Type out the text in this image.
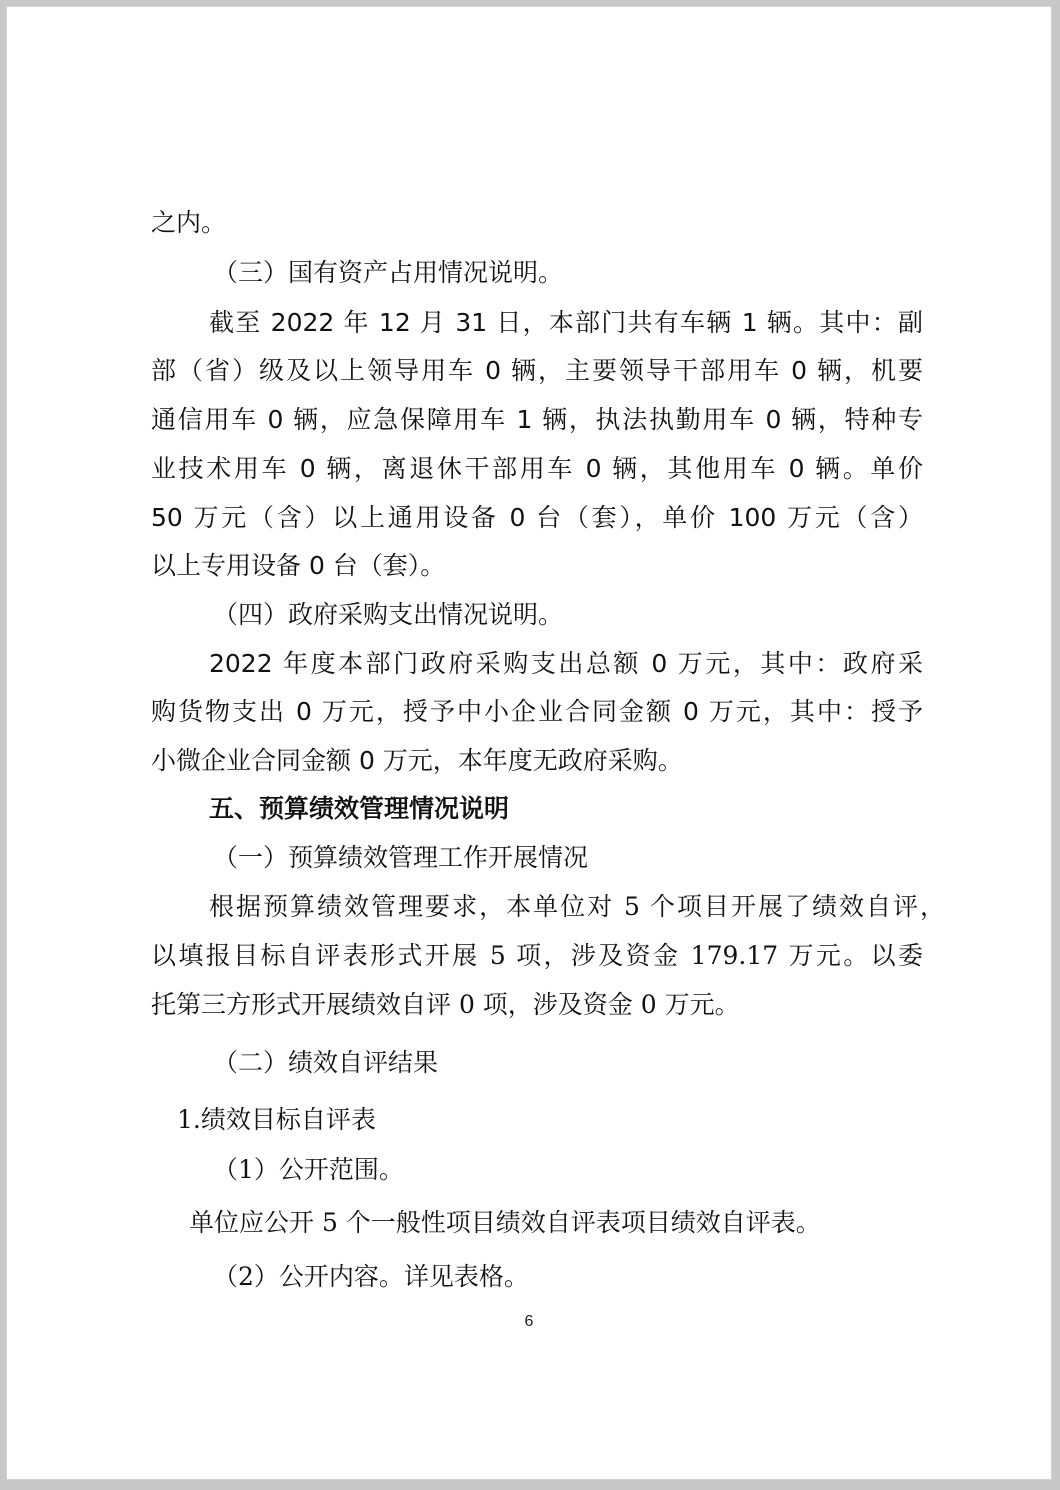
之内。

（三）国有资产占用情况说明。

截至 2022 年 12 月 31 日，本部门共有车辆 1 辆。其中：副

部（省）级及以上领导用车 0 辆，主要领导干部用车 0 辆，机要

通信用车 0 辆，应急保障用车 1 辆，执法执勤用车 0 辆，特种专

业技术用车 0 辆，离退休干部用车 0 辆，其他用车 0 辆。单价

50 万元（含）以上通用设备 0 台（套），单价 100 万元（含）

以上专用设备 0 台（套）。

（四）政府采购支出情况说明。

2022 年度本部门政府采购支出总额 0 万元，其中：政府采

购货物支出 0 万元，授予中小企业合同金额 0 万元，其中：授予

小微企业合同金额 0 万元，本年度无政府采购。

五、预算绩效管理情况说明

（一）预算绩效管理工作开展情况

根据预算绩效管理要求，本单位对 5 个项目开展了绩效自评，

以填报目标自评表形式开展 5 项，涉及资金 179.17 万元。以委

托第三方形式开展绩效自评 0 项，涉及资金 0 万元。

（二）绩效自评结果

1.绩效目标自评表

（1）公开范围。

单位应公开 5 个一般性项目绩效自评表项目绩效自评表。

（2）公开内容。详见表格。

6
